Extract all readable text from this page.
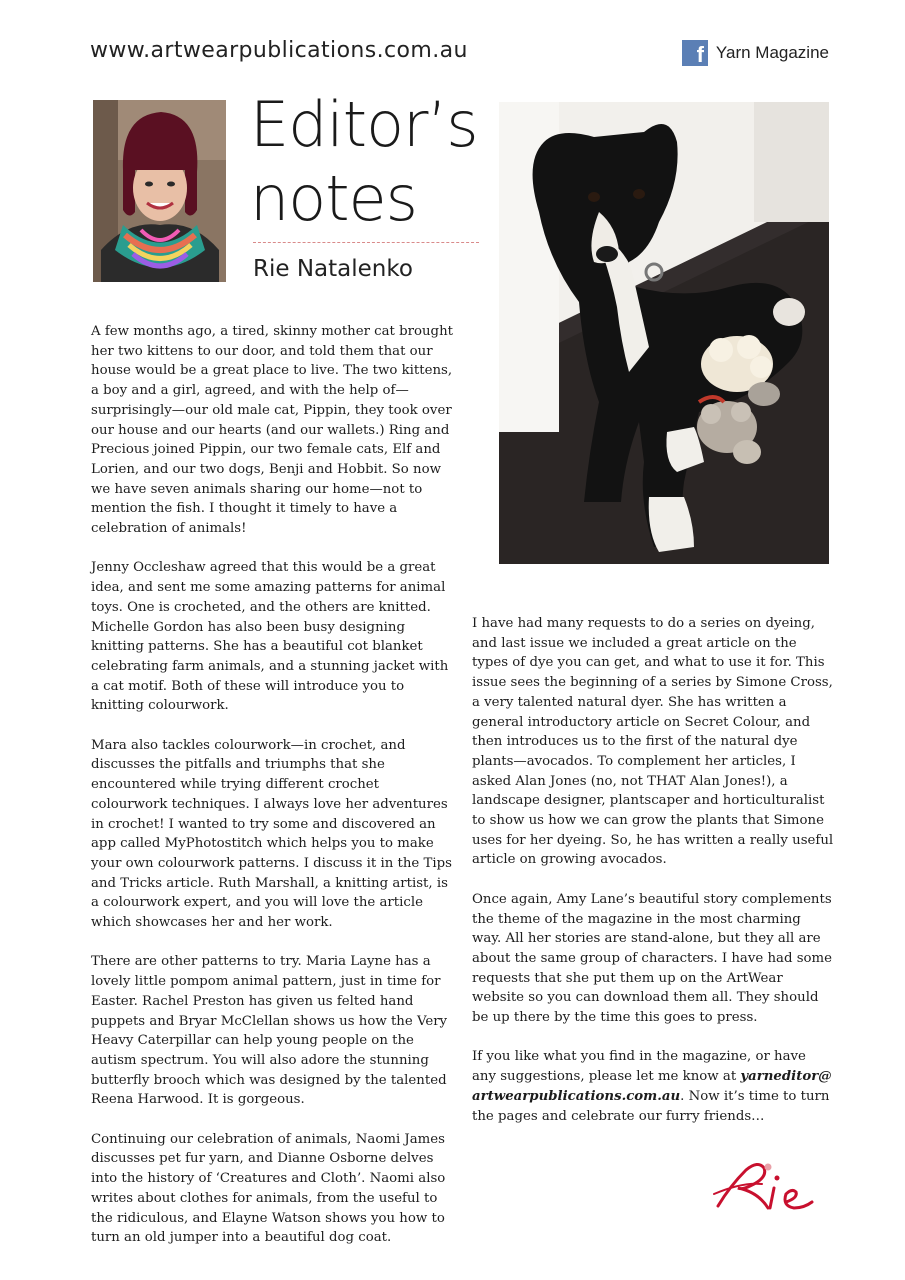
www.artwearpublications.com.au	f Yarn Magazine
Editor’s
notes
Rie Natalenko

A few months ago, a tired, skinny mother cat brought her two kittens to our door, and told them that our house would be a great place to live. The two kittens, a boy and a girl, agreed, and with the help of—surprisingly—our old male cat, Pippin, they took over our house and our hearts (and our wallets.) Ring and Precious joined Pippin, our two female cats, Elf and Lorien, and our two dogs, Benji and Hobbit. So now we have seven animals sharing our home—not to mention the fish. I thought it timely to have a celebration of animals!

Jenny Occleshaw agreed that this would be a great idea, and sent me some amazing patterns for animal toys. One is crocheted, and the others are knitted. Michelle Gordon has also been busy designing knitting patterns. She has a beautiful cot blanket celebrating farm animals, and a stunning jacket with a cat motif. Both of these will introduce you to knitting colourwork.

Mara also tackles colourwork—in crochet, and discusses the pitfalls and triumphs that she encountered while trying different crochet colourwork techniques. I always love her adventures in crochet! I wanted to try some and discovered an app called MyPhotostitch which helps you to make your own colourwork patterns. I discuss it in the Tips and Tricks article. Ruth Marshall, a knitting artist, is a colourwork expert, and you will love the article which showcases her and her work.

There are other patterns to try. Maria Layne has a lovely little pompom animal pattern, just in time for Easter. Rachel Preston has given us felted hand puppets and Bryar McClellan shows us how the Very Heavy Caterpillar can help young people on the autism spectrum. You will also adore the stunning butterfly brooch which was designed by the talented Reena Harwood. It is gorgeous.

Continuing our celebration of animals, Naomi James discusses pet fur yarn, and Dianne Osborne delves into the history of ‘Creatures and Cloth’. Naomi also writes about clothes for animals, from the useful to the ridiculous, and Elayne Watson shows you how to turn an old jumper into a beautiful dog coat.

I have had many requests to do a series on dyeing, and last issue we included a great article on the types of dye you can get, and what to use it for. This issue sees the beginning of a series by Simone Cross, a very talented natural dyer. She has written a general introductory article on Secret Colour, and then introduces us to the first of the natural dye plants—avocados. To complement her articles, I asked Alan Jones (no, not THAT Alan Jones!), a landscape designer, plantscaper and horticulturalist to show us how we can grow the plants that Simone uses for her dyeing. So, he has written a really useful article on growing avocados.

Once again, Amy Lane’s beautiful story complements the theme of the magazine in the most charming way. All her stories are stand-alone, but they all are about the same group of characters. I have had some requests that she put them up on the ArtWear website so you can download them all. They should be up there by the time this goes to press.

If you like what you find in the magazine, or have any suggestions, please let me know at yarneditor@ artwearpublications.com.au. Now it’s time to turn the pages and celebrate our furry friends…
